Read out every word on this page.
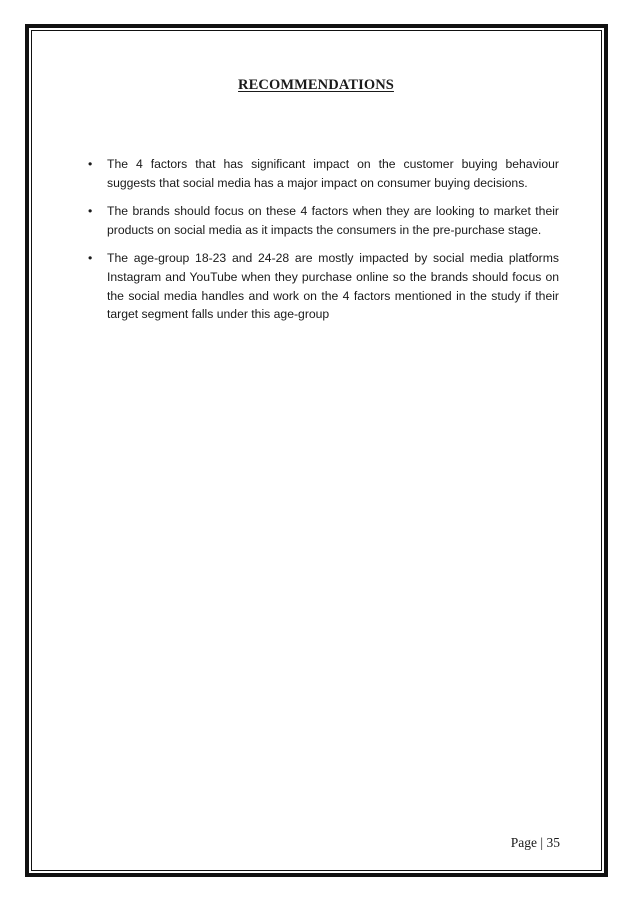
RECOMMENDATIONS
•	The 4 factors that has significant impact on the customer buying behaviour suggests that social media has a major impact on consumer buying decisions.
•	The brands should focus on these 4 factors when they are looking to market their products on social media as it impacts the consumers in the pre-purchase stage.
•	The age-group 18-23 and 24-28 are mostly impacted by social media platforms Instagram and YouTube when they purchase online so the brands should focus on the social media handles and work on the 4 factors mentioned in the study if their target segment falls under this age-group
Page | 35
